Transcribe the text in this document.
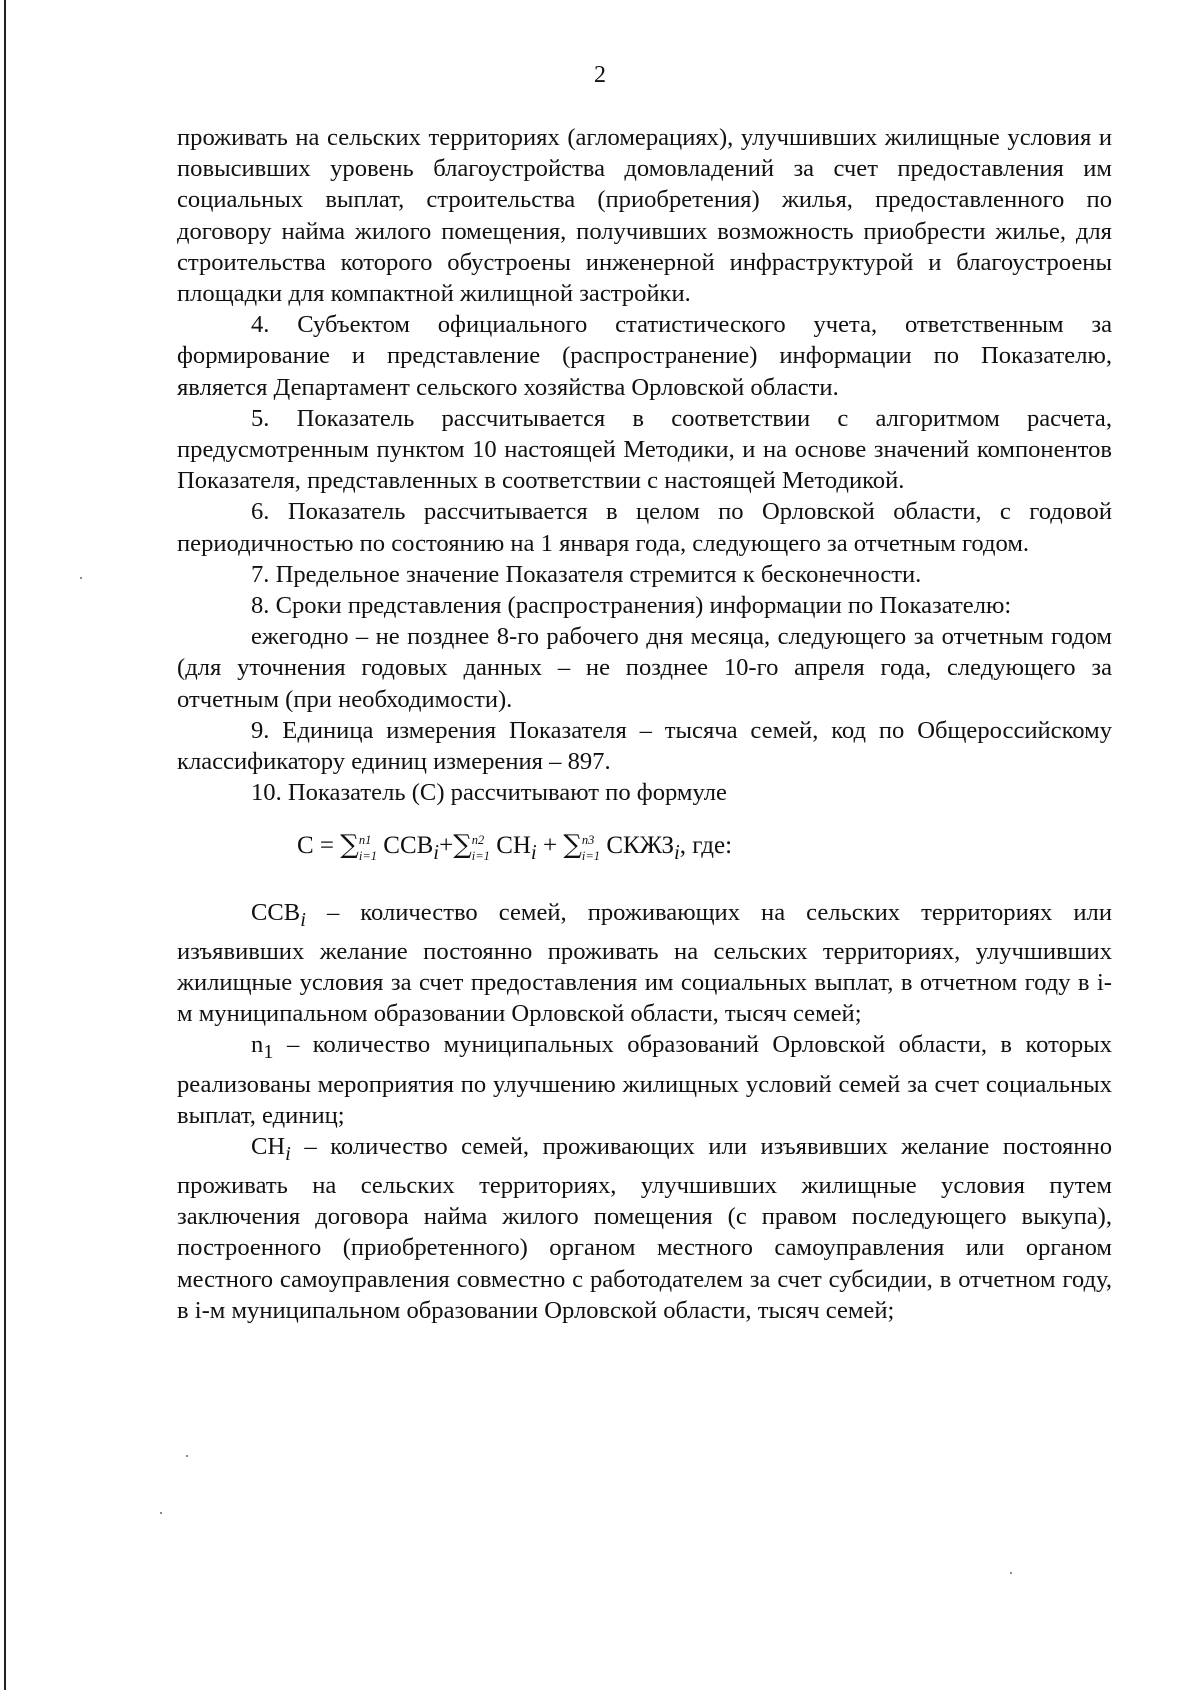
2

проживать на сельских территориях (агломерациях), улучшивших жилищные условия и повысивших уровень благоустройства домовладений за счет предоставления им социальных выплат, строительства (приобретения) жилья, предоставленного по договору найма жилого помещения, получивших возможность приобрести жилье, для строительства которого обустроены инженерной инфраструктурой и благоустроены площадки для компактной жилищной застройки.

4. Субъектом официального статистического учета, ответственным за формирование и представление (распространение) информации по Показателю, является Департамент сельского хозяйства Орловской области.

5. Показатель рассчитывается в соответствии с алгоритмом расчета, предусмотренным пунктом 10 настоящей Методики, и на основе значений компонентов Показателя, представленных в соответствии с настоящей Методикой.

6. Показатель рассчитывается в целом по Орловской области, с годовой периодичностью по состоянию на 1 января года, следующего за отчетным годом.

7. Предельное значение Показателя стремится к бесконечности.

8. Сроки представления (распространения) информации по Показателю:

ежегодно – не позднее 8-го рабочего дня месяца, следующего за отчетным годом (для уточнения годовых данных – не позднее 10-го апреля года, следующего за отчетным (при необходимости).

9. Единица измерения Показателя – тысяча семей, код по Общероссийскому классификатору единиц измерения – 897.

10. Показатель (С) рассчитывают по формуле

С = ∑ n1
i=1 $ССВ_i+\sum$ n2
i=1 $СН_i$ + ∑ n3
i=1 $СКЖЗ_i$, где:

$ССВ_i$ – количество семей, проживающих на сельских территориях или изъявивших желание постоянно проживать на сельских территориях, улучшивших жилищные условия за счет предоставления им социальных выплат, в отчетном году в i-м муниципальном образовании Орловской области, тысяч семей;

$n_1$ – количество муниципальных образований Орловской области, в которых реализованы мероприятия по улучшению жилищных условий семей за счет социальных выплат, единиц;

$СН_i$ – количество семей, проживающих или изъявивших желание постоянно проживать на сельских территориях, улучшивших жилищные условия путем заключения договора найма жилого помещения (с правом последующего выкупа), построенного (приобретенного) органом местного самоуправления или органом местного самоуправления совместно с работодателем за счет субсидии, в отчетном году, в i-м муниципальном образовании Орловской области, тысяч семей;
